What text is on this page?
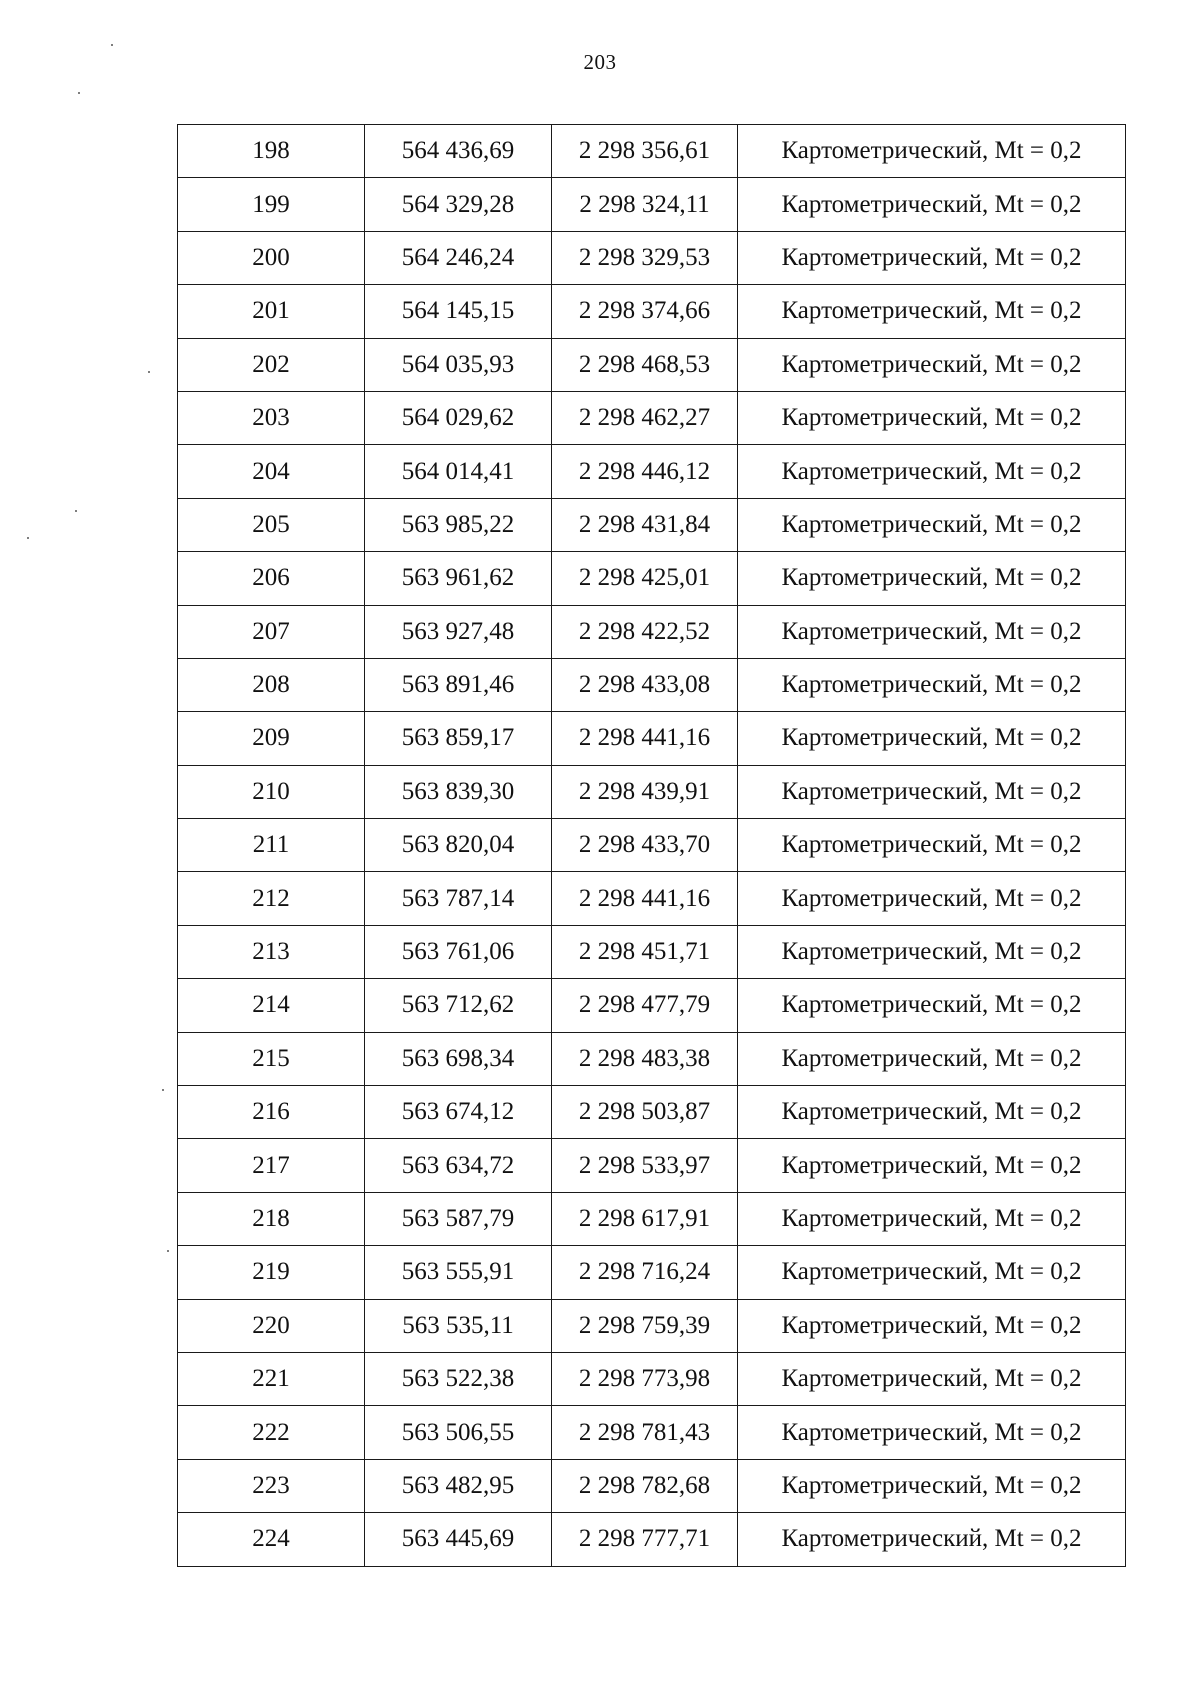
203
198	564 436,69	2 298 356,61	Картометрический, Mt = 0,2
199	564 329,28	2 298 324,11	Картометрический, Mt = 0,2
200	564 246,24	2 298 329,53	Картометрический, Mt = 0,2
201	564 145,15	2 298 374,66	Картометрический, Mt = 0,2
202	564 035,93	2 298 468,53	Картометрический, Mt = 0,2
203	564 029,62	2 298 462,27	Картометрический, Mt = 0,2
204	564 014,41	2 298 446,12	Картометрический, Mt = 0,2
205	563 985,22	2 298 431,84	Картометрический, Mt = 0,2
206	563 961,62	2 298 425,01	Картометрический, Mt = 0,2
207	563 927,48	2 298 422,52	Картометрический, Mt = 0,2
208	563 891,46	2 298 433,08	Картометрический, Mt = 0,2
209	563 859,17	2 298 441,16	Картометрический, Mt = 0,2
210	563 839,30	2 298 439,91	Картометрический, Mt = 0,2
211	563 820,04	2 298 433,70	Картометрический, Mt = 0,2
212	563 787,14	2 298 441,16	Картометрический, Mt = 0,2
213	563 761,06	2 298 451,71	Картометрический, Mt = 0,2
214	563 712,62	2 298 477,79	Картометрический, Mt = 0,2
215	563 698,34	2 298 483,38	Картометрический, Mt = 0,2
216	563 674,12	2 298 503,87	Картометрический, Mt = 0,2
217	563 634,72	2 298 533,97	Картометрический, Mt = 0,2
218	563 587,79	2 298 617,91	Картометрический, Mt = 0,2
219	563 555,91	2 298 716,24	Картометрический, Mt = 0,2
220	563 535,11	2 298 759,39	Картометрический, Mt = 0,2
221	563 522,38	2 298 773,98	Картометрический, Mt = 0,2
222	563 506,55	2 298 781,43	Картометрический, Mt = 0,2
223	563 482,95	2 298 782,68	Картометрический, Mt = 0,2
224	563 445,69	2 298 777,71	Картометрический, Mt = 0,2
